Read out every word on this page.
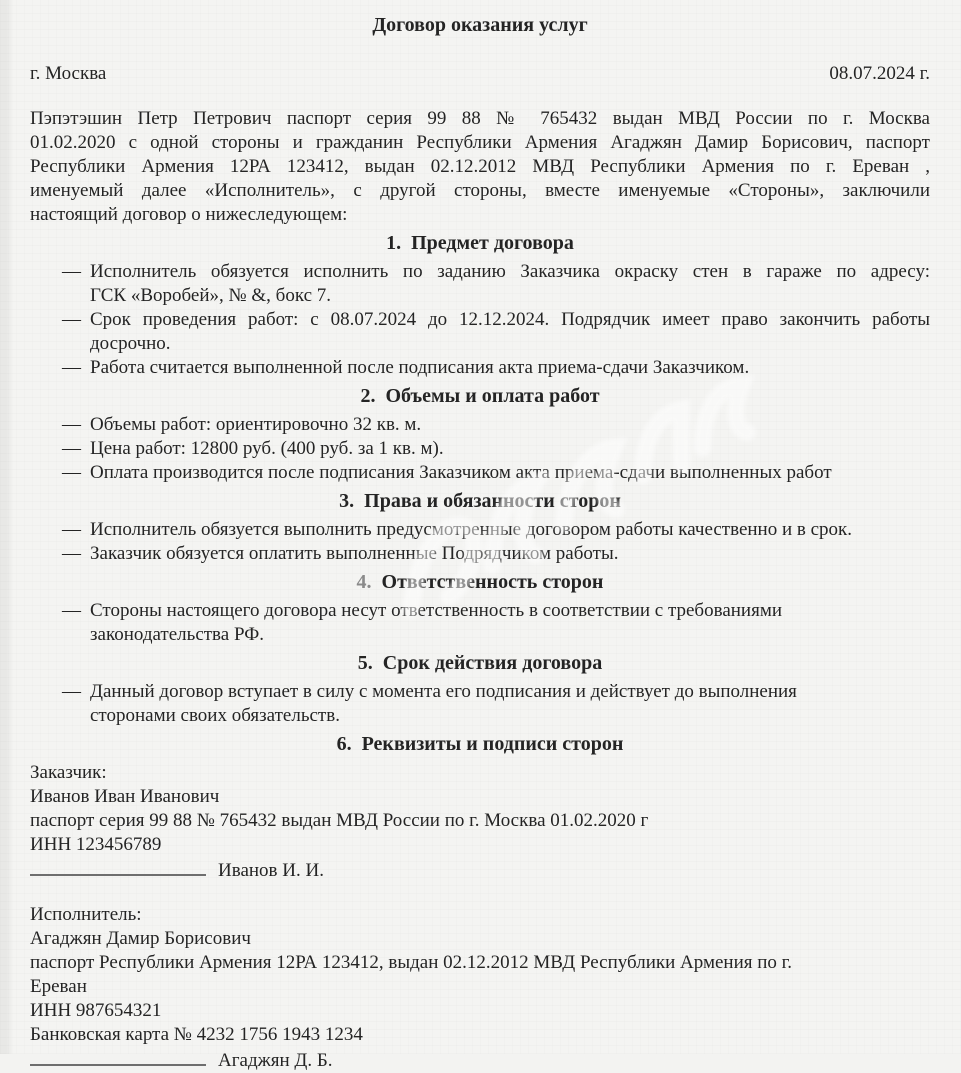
Договор оказания услуг
г. Москва	08.07.2024 г.
Пэпэтэшин Петр Петрович паспорт серия 99 88 № 765432 выдан МВД России по г. Москва
01.02.2020 с одной стороны и гражданин Республики Армения Агаджян Дамир Борисович, паспорт
Республики Армения 12РА 123412, выдан 02.12.2012 МВД Республики Армения по г. Ереван ,
именуемый далее «Исполнитель», с другой стороны, вместе именуемые «Стороны», заключили
настоящий договор о нижеследующем:
1. Предмет договора
— Исполнитель обязуется исполнить по заданию Заказчика окраску стен в гараже по адресу:
ГСК «Воробей», № &, бокс 7.
— Срок проведения работ: с 08.07.2024 до 12.12.2024. Подрядчик имеет право закончить работы
досрочно.
— Работа считается выполненной после подписания акта приема-сдачи Заказчиком.
2. Объемы и оплата работ
— Объемы работ: ориентировочно 32 кв. м.
— Цена работ: 12800 руб. (400 руб. за 1 кв. м).
— Оплата производится после подписания Заказчиком акта приема-сдачи выполненных работ
3. Права и обязанности сторон
— Исполнитель обязуется выполнить предусмотренные договором работы качественно и в срок.
— Заказчик обязуется оплатить выполненные Подрядчиком работы.
4. Ответственность сторон
— Стороны настоящего договора несут ответственность в соответствии с требованиями
законодательства РФ.
5. Срок действия договора
— Данный договор вступает в силу с момента его подписания и действует до выполнения
сторонами своих обязательств.
6. Реквизиты и подписи сторон
Заказчик:
Иванов Иван Иванович
паспорт серия 99 88 № 765432 выдан МВД России по г. Москва 01.02.2020 г
ИНН 123456789
Иванов И. И.
Исполнитель:
Агаджян Дамир Борисович
паспорт Республики Армения 12РА 123412, выдан 02.12.2012 МВД Республики Армения по г.
Ереван
ИНН 987654321
Банковская карта № 4232 1756 1943 1234
Агаджян Д. Б.
